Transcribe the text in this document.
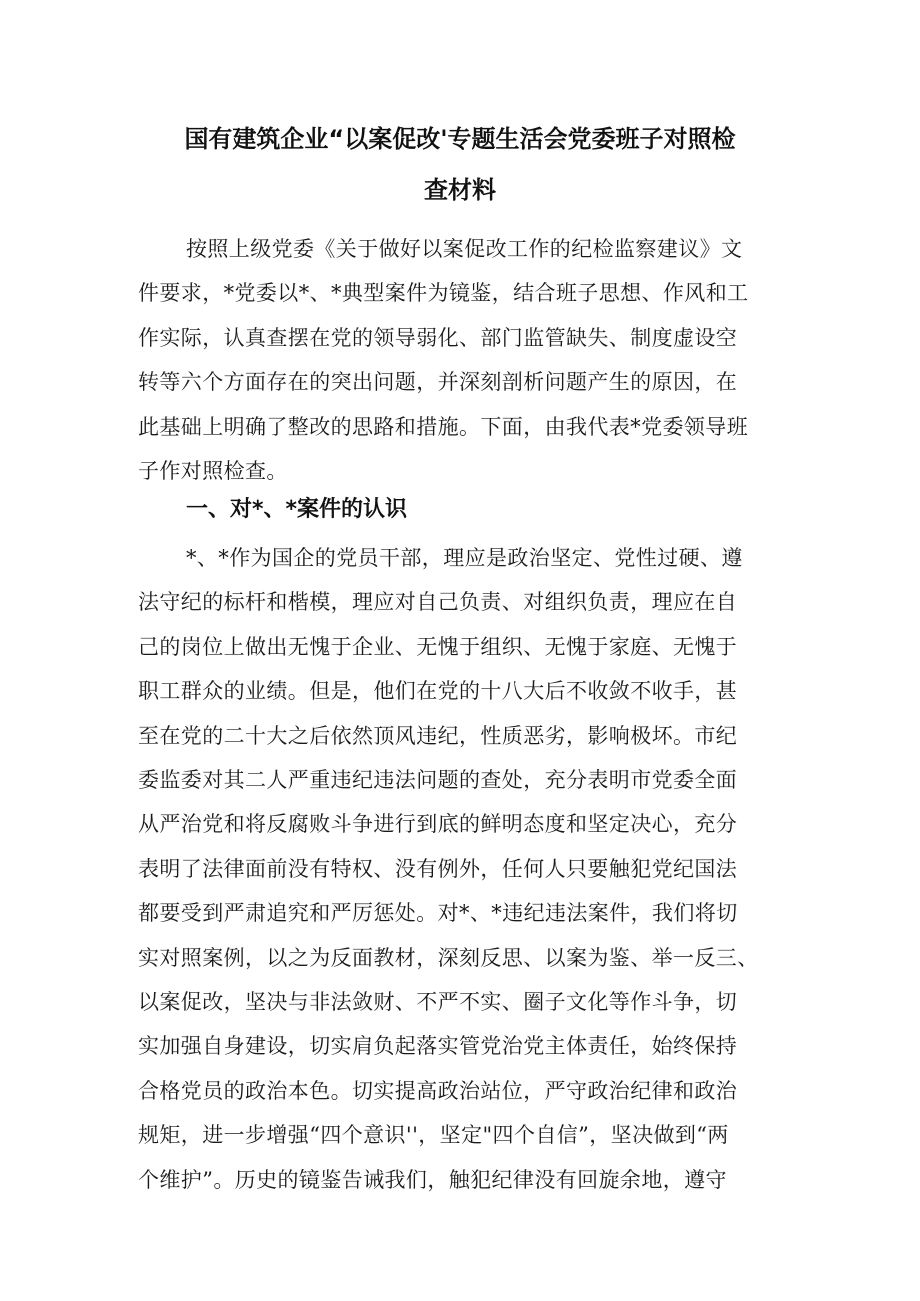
国有建筑企业“以案促改'专题生活会党委班子对照检
查材料
按照上级党委《关于做好以案促改工作的纪检监察建议》文
件要求，*党委以*、*典型案件为镜鉴，结合班子思想、作风和工
作实际，认真查摆在党的领导弱化、部门监管缺失、制度虚设空
转等六个方面存在的突出问题，并深刻剖析问题产生的原因，在
此基础上明确了整改的思路和措施。下面，由我代表*党委领导班
子作对照检查。
一、对*、*案件的认识
*、*作为国企的党员干部，理应是政治坚定、党性过硬、遵
法守纪的标杆和楷模，理应对自己负责、对组织负责，理应在自
己的岗位上做出无愧于企业、无愧于组织、无愧于家庭、无愧于
职工群众的业绩。但是，他们在党的十八大后不收敛不收手，甚
至在党的二十大之后依然顶风违纪，性质恶劣，影响极坏。市纪
委监委对其二人严重违纪违法问题的查处，充分表明市党委全面
从严治党和将反腐败斗争进行到底的鲜明态度和坚定决心，充分
表明了法律面前没有特权、没有例外，任何人只要触犯党纪国法
都要受到严肃追究和严厉惩处。对*、*违纪违法案件，我们将切
实对照案例，以之为反面教材，深刻反思、以案为鉴、举一反三、
以案促改，坚决与非法敛财、不严不实、圈子文化等作斗争，切
实加强自身建设，切实肩负起落实管党治党主体责任，始终保持
合格党员的政治本色。切实提高政治站位，严守政治纪律和政治
规矩，进一步增强“四个意识''，坚定"四个自信”，坚决做到“两
个维护”。历史的镜鉴告诫我们，触犯纪律没有回旋余地，遵守
